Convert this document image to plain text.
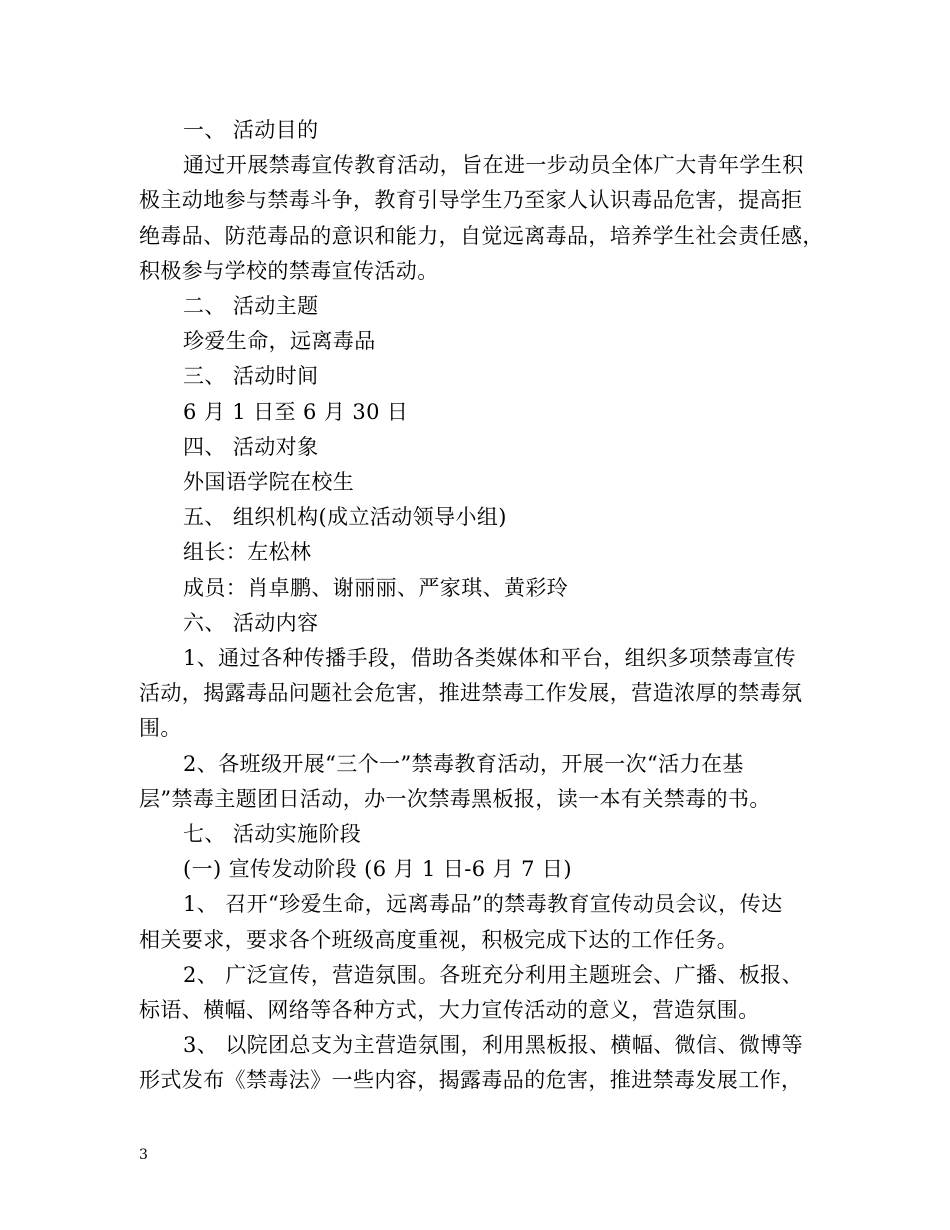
一、 活动目的
通过开展禁毒宣传教育活动，旨在进一步动员全体广大青年学生积
极主动地参与禁毒斗争，教育引导学生乃至家人认识毒品危害，提高拒
绝毒品、防范毒品的意识和能力，自觉远离毒品，培养学生社会责任感，
积极参与学校的禁毒宣传活动。
二、 活动主题
珍爱生命，远离毒品
三、 活动时间
6 月 1 日至 6 月 30 日
四、 活动对象
外国语学院在校生
五、 组织机构(成立活动领导小组)
组长：左松林
成员：肖卓鹏、谢丽丽、严家琪、黄彩玲
六、 活动内容
1、通过各种传播手段，借助各类媒体和平台，组织多项禁毒宣传
活动，揭露毒品问题社会危害，推进禁毒工作发展，营造浓厚的禁毒氛
围。
2、各班级开展“三个一”禁毒教育活动，开展一次“活力在基
层”禁毒主题团日活动，办一次禁毒黑板报，读一本有关禁毒的书。
七、 活动实施阶段
(一) 宣传发动阶段 (6 月 1 日-6 月 7 日)
1、 召开“珍爱生命，远离毒品”的禁毒教育宣传动员会议，传达
相关要求，要求各个班级高度重视，积极完成下达的工作任务。
2、 广泛宣传，营造氛围。各班充分利用主题班会、广播、板报、
标语、横幅、网络等各种方式，大力宣传活动的意义，营造氛围。
3、 以院团总支为主营造氛围，利用黑板报、横幅、微信、微博等
形式发布《禁毒法》一些内容，揭露毒品的危害，推进禁毒发展工作，
3
